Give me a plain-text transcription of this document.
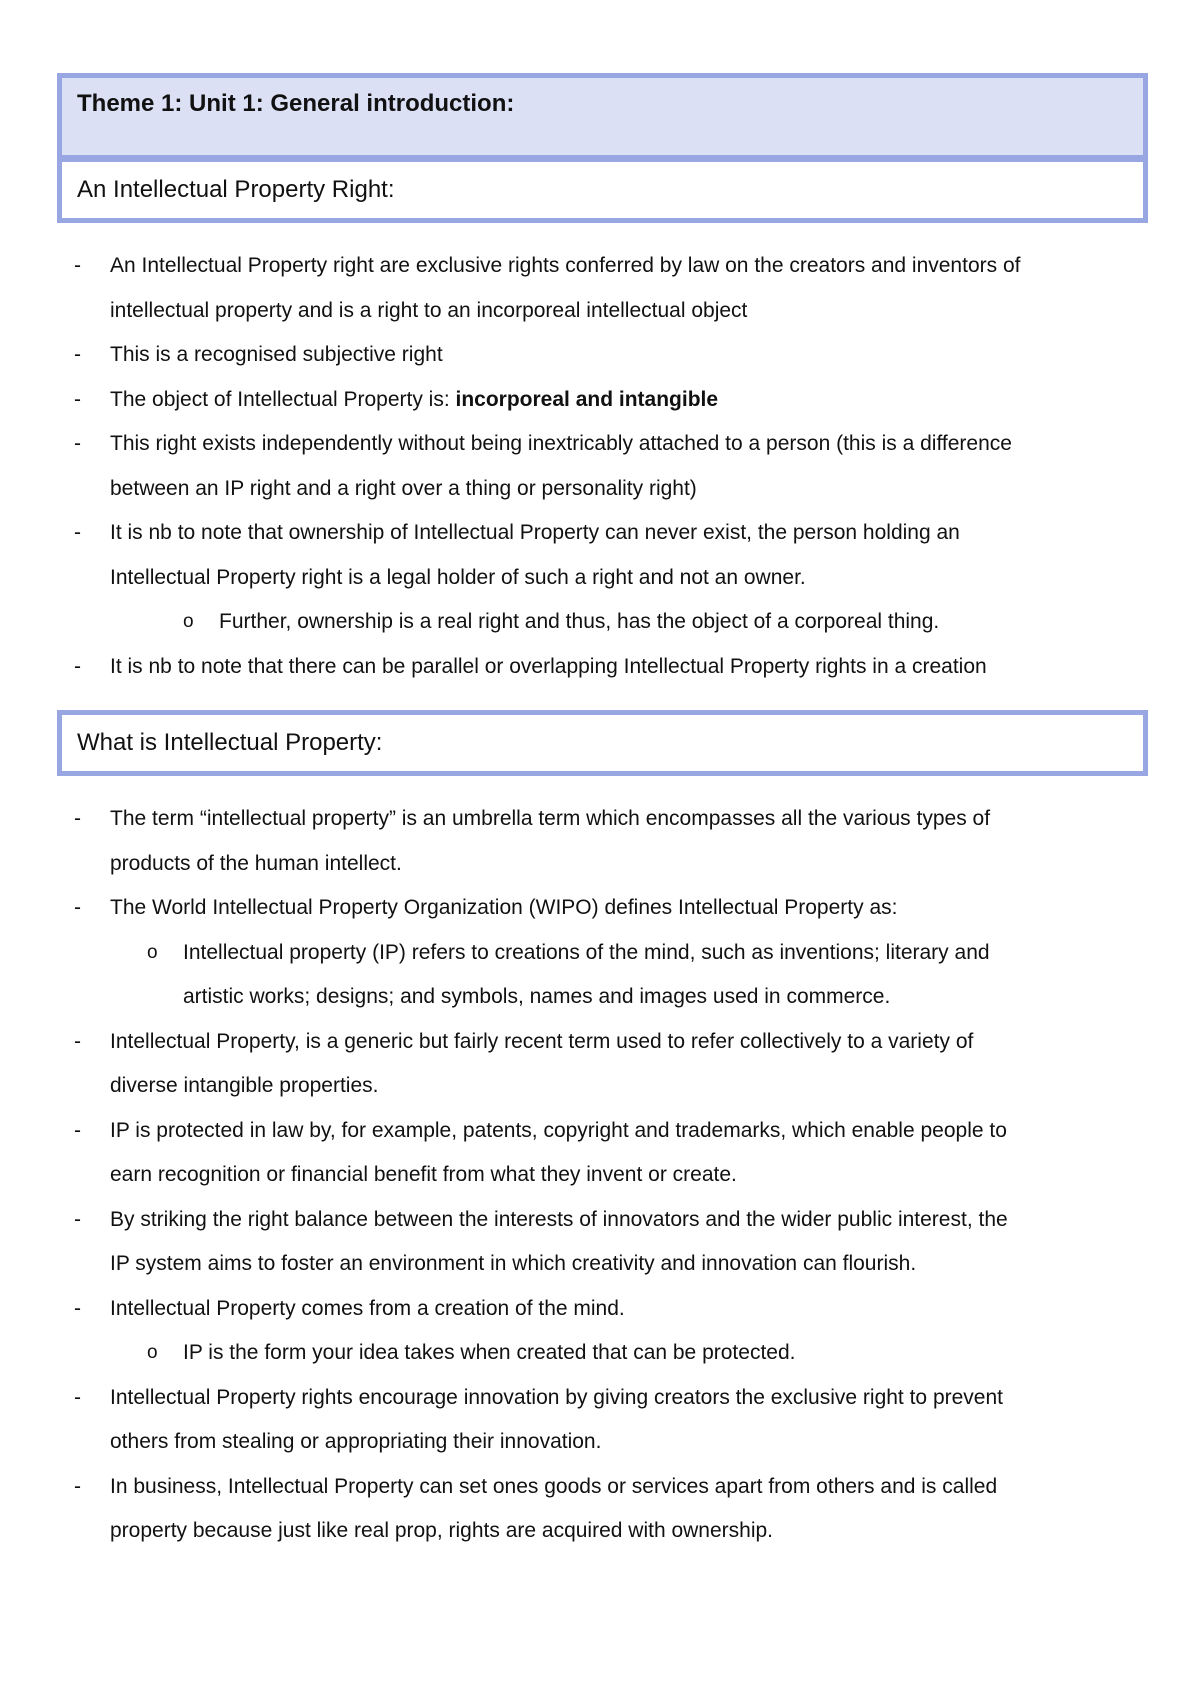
Theme 1: Unit 1: General introduction:
An Intellectual Property Right:
-	An Intellectual Property right are exclusive rights conferred by law on the creators and inventors of
intellectual property and is a right to an incorporeal intellectual object
-	This is a recognised subjective right
-	The object of Intellectual Property is: incorporeal and intangible
-	This right exists independently without being inextricably attached to a person (this is a difference
between an IP right and a right over a thing or personality right)
-	It is nb to note that ownership of Intellectual Property can never exist, the person holding an
Intellectual Property right is a legal holder of such a right and not an owner.
o	Further, ownership is a real right and thus, has the object of a corporeal thing.
-	It is nb to note that there can be parallel or overlapping Intellectual Property rights in a creation
What is Intellectual Property:
-	The term “intellectual property” is an umbrella term which encompasses all the various types of
products of the human intellect.
-	The World Intellectual Property Organization (WIPO) defines Intellectual Property as:
o	Intellectual property (IP) refers to creations of the mind, such as inventions; literary and
artistic works; designs; and symbols, names and images used in commerce.
-	Intellectual Property, is a generic but fairly recent term used to refer collectively to a variety of
diverse intangible properties.
-	IP is protected in law by, for example, patents, copyright and trademarks, which enable people to
earn recognition or financial benefit from what they invent or create.
-	By striking the right balance between the interests of innovators and the wider public interest, the
IP system aims to foster an environment in which creativity and innovation can flourish.
-	Intellectual Property comes from a creation of the mind.
o	IP is the form your idea takes when created that can be protected.
-	Intellectual Property rights encourage innovation by giving creators the exclusive right to prevent
others from stealing or appropriating their innovation.
-	In business, Intellectual Property can set ones goods or services apart from others and is called
property because just like real prop, rights are acquired with ownership.
